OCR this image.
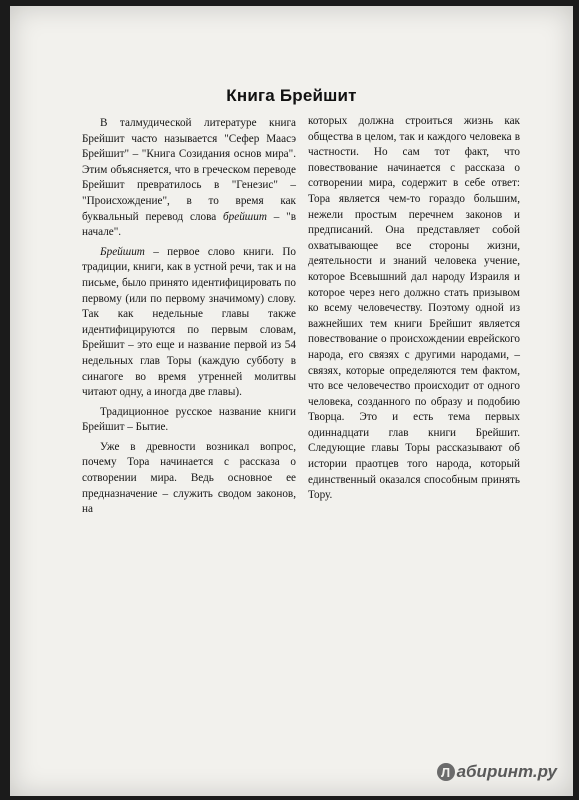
Книга Брейшит

В талмудической литературе книга Брейшит часто называется "Сефер Маасэ Брейшит" – "Книга Созидания основ мира". Этим объясняется, что в греческом переводе Брейшит превратилось в "Генезис" – "Происхождение", в то время как буквальный перевод слова брейшит – "в начале".

Брейшит – первое слово книги. По традиции, книги, как в устной речи, так и на письме, было принято идентифицировать по первому (или по первому значимому) слову. Так как недельные главы также идентифицируются по первым словам, Брейшит – это еще и название первой из 54 недельных глав Торы (каждую субботу в синагоге во время утренней молитвы читают одну, а иногда две главы).

Традиционное русское название книги Брейшит – Бытие.

Уже в древности возникал вопрос, почему Тора начинается с рассказа о сотворении мира. Ведь основное ее предназначение – служить сводом законов, на

которых должна строиться жизнь как общества в целом, так и каждого человека в частности. Но сам тот факт, что повествование начинается с рассказа о сотворении мира, содержит в себе ответ: Тора является чем-то гораздо большим, нежели простым перечнем законов и предписаний. Она представляет собой охватывающее все стороны жизни, деятельности и знаний человека учение, которое Всевышний дал народу Израиля и которое через него должно стать призывом ко всему человечеству. Поэтому одной из важнейших тем книги Брейшит является повествование о происхождении еврейского народа, его связях с другими народами, – связях, которые определяются тем фактом, что все человечество происходит от одного человека, созданного по образу и подобию Творца. Это и есть тема первых одиннадцати глав книги Брейшит. Следующие главы Торы рассказывают об истории праотцев того народа, который единственный оказался способным принять Тору.

Л абиринт.ру
